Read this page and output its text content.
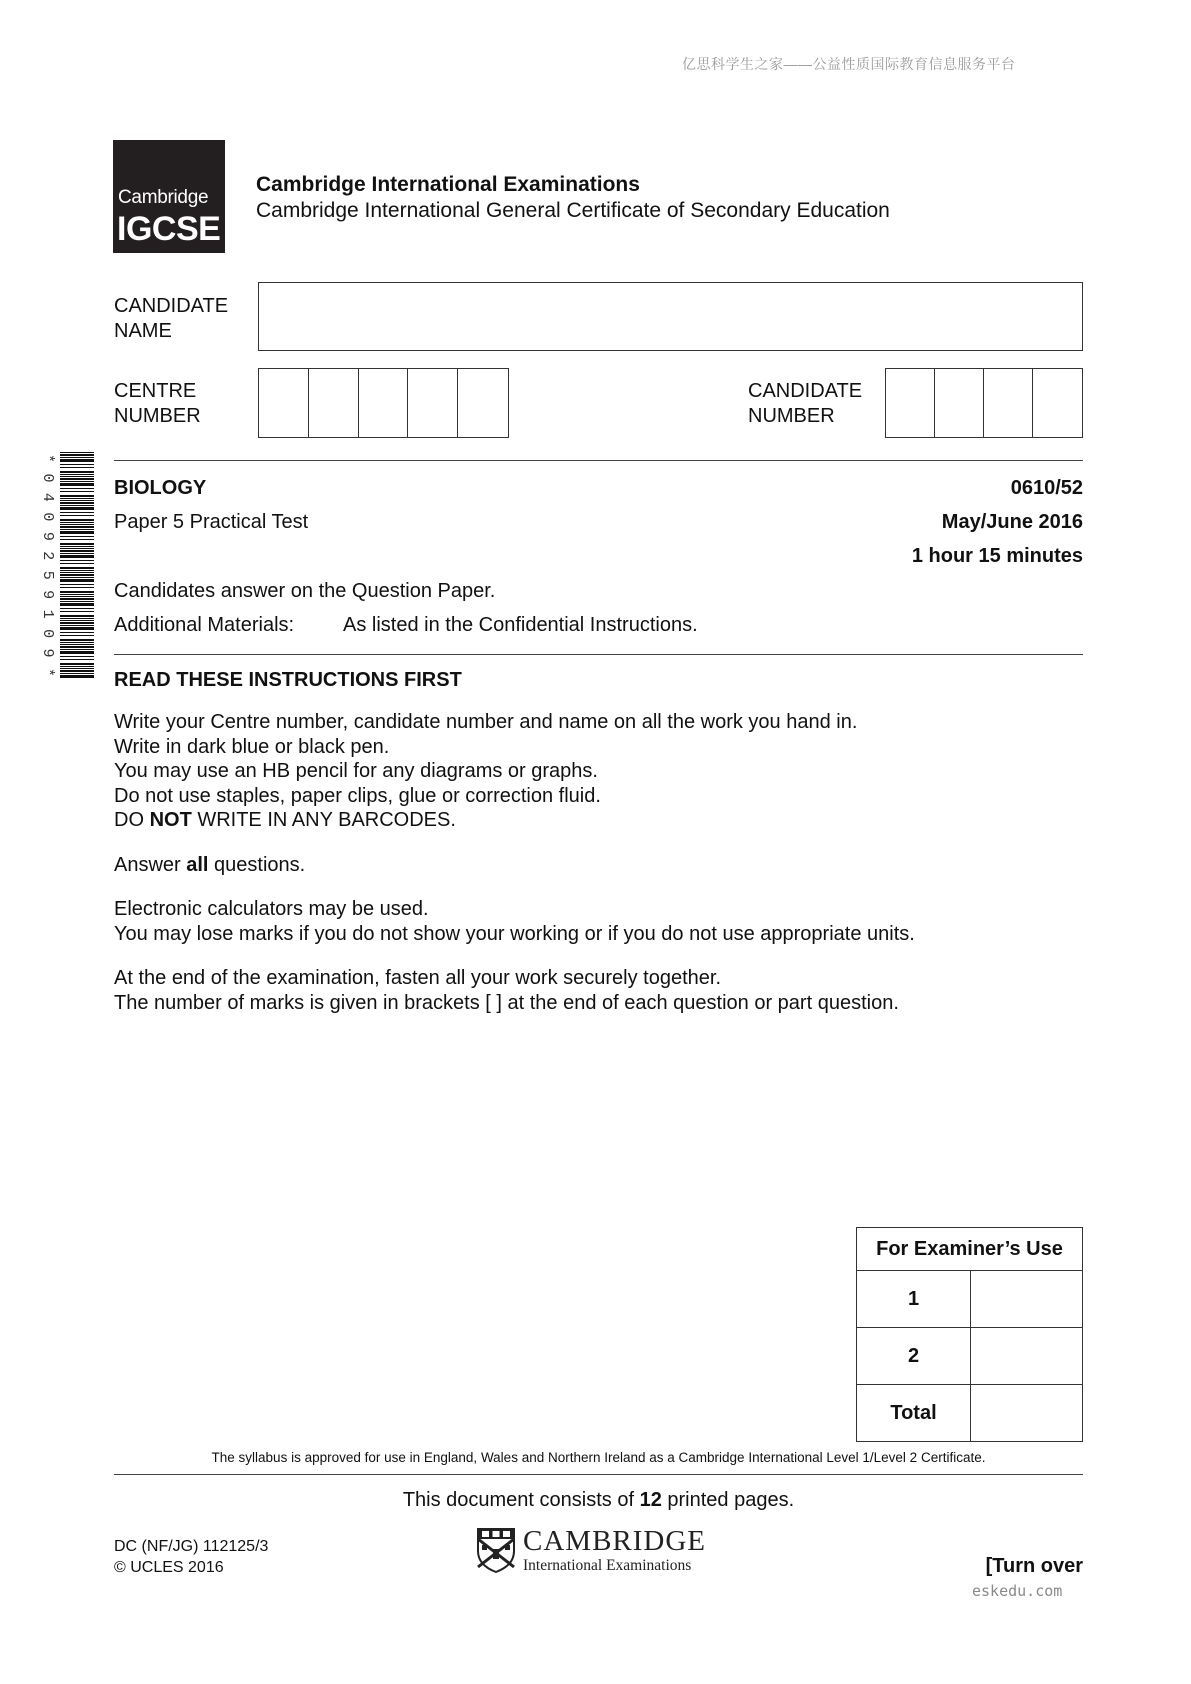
亿思科学生之家——公益性质国际教育信息服务平台
Cambridge
IGCSE
Cambridge International Examinations
Cambridge International General Certificate of Secondary Education
CANDIDATE
NAME
CENTRE
NUMBER
CANDIDATE
NUMBER
*0409259109*
BIOLOGY	0610/52
Paper 5 Practical Test	May/June 2016
1 hour 15 minutes
Candidates answer on the Question Paper.
Additional Materials: As listed in the Confidential Instructions.
READ THESE INSTRUCTIONS FIRST

Write your Centre number, candidate number and name on all the work you hand in.
Write in dark blue or black pen.
You may use an HB pencil for any diagrams or graphs.
Do not use staples, paper clips, glue or correction fluid.
DO NOT WRITE IN ANY BARCODES.

Answer all questions.

Electronic calculators may be used.
You may lose marks if you do not show your working or if you do not use appropriate units.

At the end of the examination, fasten all your work securely together.
The number of marks is given in brackets [ ] at the end of each question or part question.

For Examiner’s Use	
1	
2	
Total	
The syllabus is approved for use in England, Wales and Northern Ireland as a Cambridge International Level 1/Level 2 Certificate.
This document consists of 12 printed pages.
DC (NF/JG) 112125/3
© UCLES 2016
CAMBRIDGE
International Examinations	[Turn over
eskedu.com
